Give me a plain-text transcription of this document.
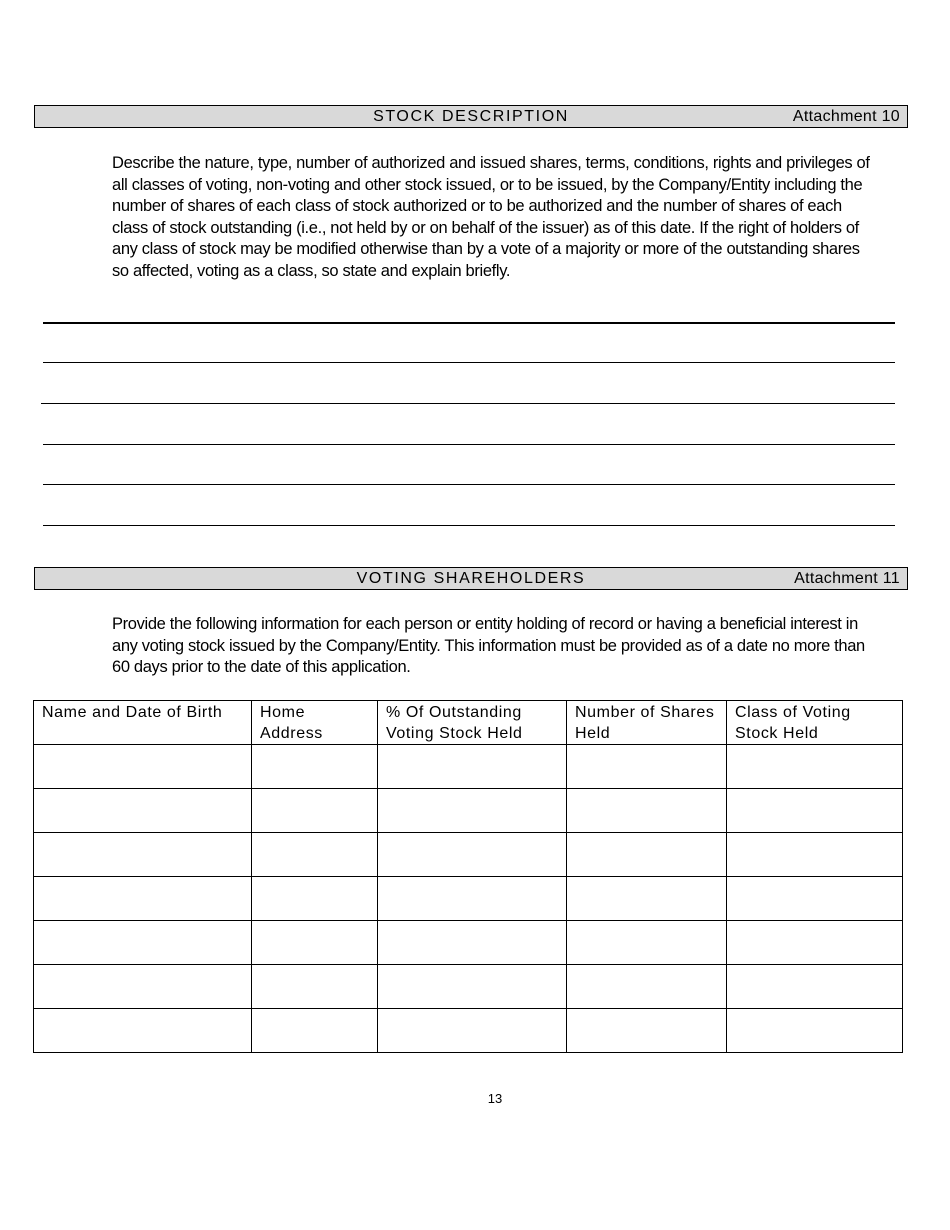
STOCK DESCRIPTION	Attachment 10
Describe the nature, type, number of authorized and issued shares, terms, conditions, rights and privileges of all classes of voting, non-voting and other stock issued, or to be issued, by the Company/Entity including the number of shares of each class of stock authorized or to be authorized and the number of shares of each class of stock outstanding (i.e., not held by or on behalf of the issuer) as of this date. If the right of holders of any class of stock may be modified otherwise than by a vote of a majority or more of the outstanding shares so affected, voting as a class, so state and explain briefly.
VOTING SHAREHOLDERS	Attachment 11
Provide the following information for each person or entity holding of record or having a beneficial interest in any voting stock issued by the Company/Entity. This information must be provided as of a date no more than 60 days prior to the date of this application.
Name and Date of Birth	Home Address	% Of Outstanding Voting Stock Held	Number of Shares Held	Class of Voting Stock Held

13
